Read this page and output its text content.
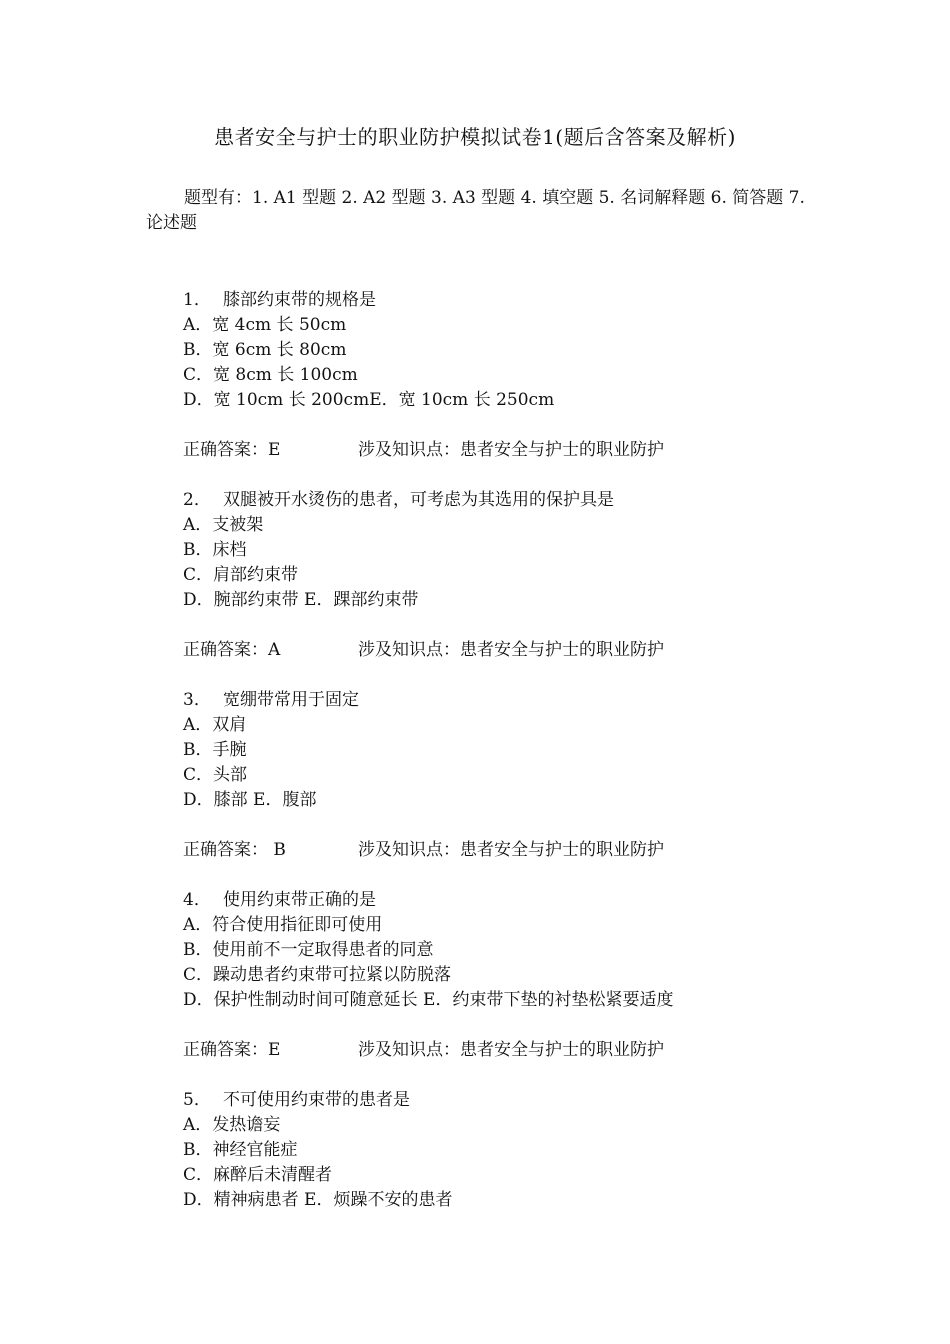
患者安全与护士的职业防护模拟试卷1(题后含答案及解析)
题型有：1. A1 型题 2. A2 型题 3. A3 型题 4. 填空题 5. 名词解释题 6. 简答题 7. 论述题
1． 膝部约束带的规格是
A．宽 4cm 长 50cm
B．宽 6cm 长 80cm
C．宽 8cm 长 100cm
D．宽 10cm 长 200cmE．宽 10cm 长 250cm
正确答案：E	涉及知识点：患者安全与护士的职业防护
2． 双腿被开水烫伤的患者，可考虑为其选用的保护具是
A．支被架
B．床档
C．肩部约束带
D．腕部约束带 E．踝部约束带
正确答案：A	涉及知识点：患者安全与护士的职业防护
3． 宽绷带常用于固定
A．双肩
B．手腕
C．头部
D．膝部 E．腹部
正确答案： B	涉及知识点：患者安全与护士的职业防护
4． 使用约束带正确的是
A．符合使用指征即可使用
B．使用前不一定取得患者的同意
C．躁动患者约束带可拉紧以防脱落
D．保护性制动时间可随意延长 E．约束带下垫的衬垫松紧要适度
正确答案：E	涉及知识点：患者安全与护士的职业防护
5． 不可使用约束带的患者是
A．发热谵妄
B．神经官能症
C．麻醉后未清醒者
D．精神病患者 E．烦躁不安的患者
